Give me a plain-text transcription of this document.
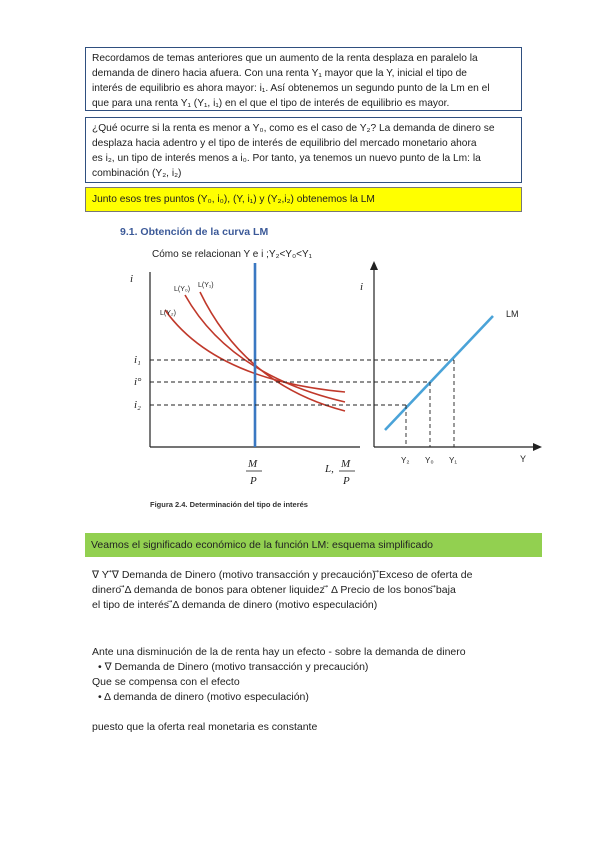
Recordamos de temas anteriores que un aumento de la renta desplaza en paralelo la
demanda de dinero hacia afuera. Con una renta Y₁ mayor que la Y, inicial el tipo de
interés de equilibrio es ahora mayor: i₁. Así obtenemos un segundo punto de la Lm en el
que para una renta Y₁ (Y₁, i₁) en el que el tipo de interés de equilibrio es mayor.
¿Qué ocurre si la renta es menor a Y₀, como es el caso de Y₂? La demanda de dinero se
desplaza hacia adentro y el tipo de interés de equilibrio del mercado monetario ahora
es i₂, un tipo de interés menos a i₀. Por tanto, ya tenemos un nuevo punto de la Lm: la
combinación (Y₂, i₂)
Junto esos tres puntos (Y₀, i₀), (Y, i₁) y (Y₂,i₂) obtenemos la LM
9.1. Obtención de la curva LM
Cómo se relacionan Y e i ;Y₂<Y₀<Y₁
i
L(Y₂)
L(Y₀)
L(Y₁)
i₁
i°
i₂
M
P
L, M
P
i
Y
LM
Y₂ Y₀ Y₁
Figura 2.4. Determinación del tipo de interés
Veamos el significado económico de la función LM: esquema simplificado
∇ Y ⃗∇ Demanda de Dinero (motivo transacción y precaución) ⃗Exceso de oferta de
dinero ⃗Δ demanda de bonos para obtener liquidez ⃗ Δ Precio de los bonos ⃗baja
el tipo de interés ⃗Δ demanda de dinero (motivo especulación)
Ante una disminución de la de renta hay un efecto - sobre la demanda de dinero
• ∇ Demanda de Dinero (motivo transacción y precaución)
Que se compensa con el efecto
• Δ demanda de dinero (motivo especulación)
puesto que la oferta real monetaria es constante
